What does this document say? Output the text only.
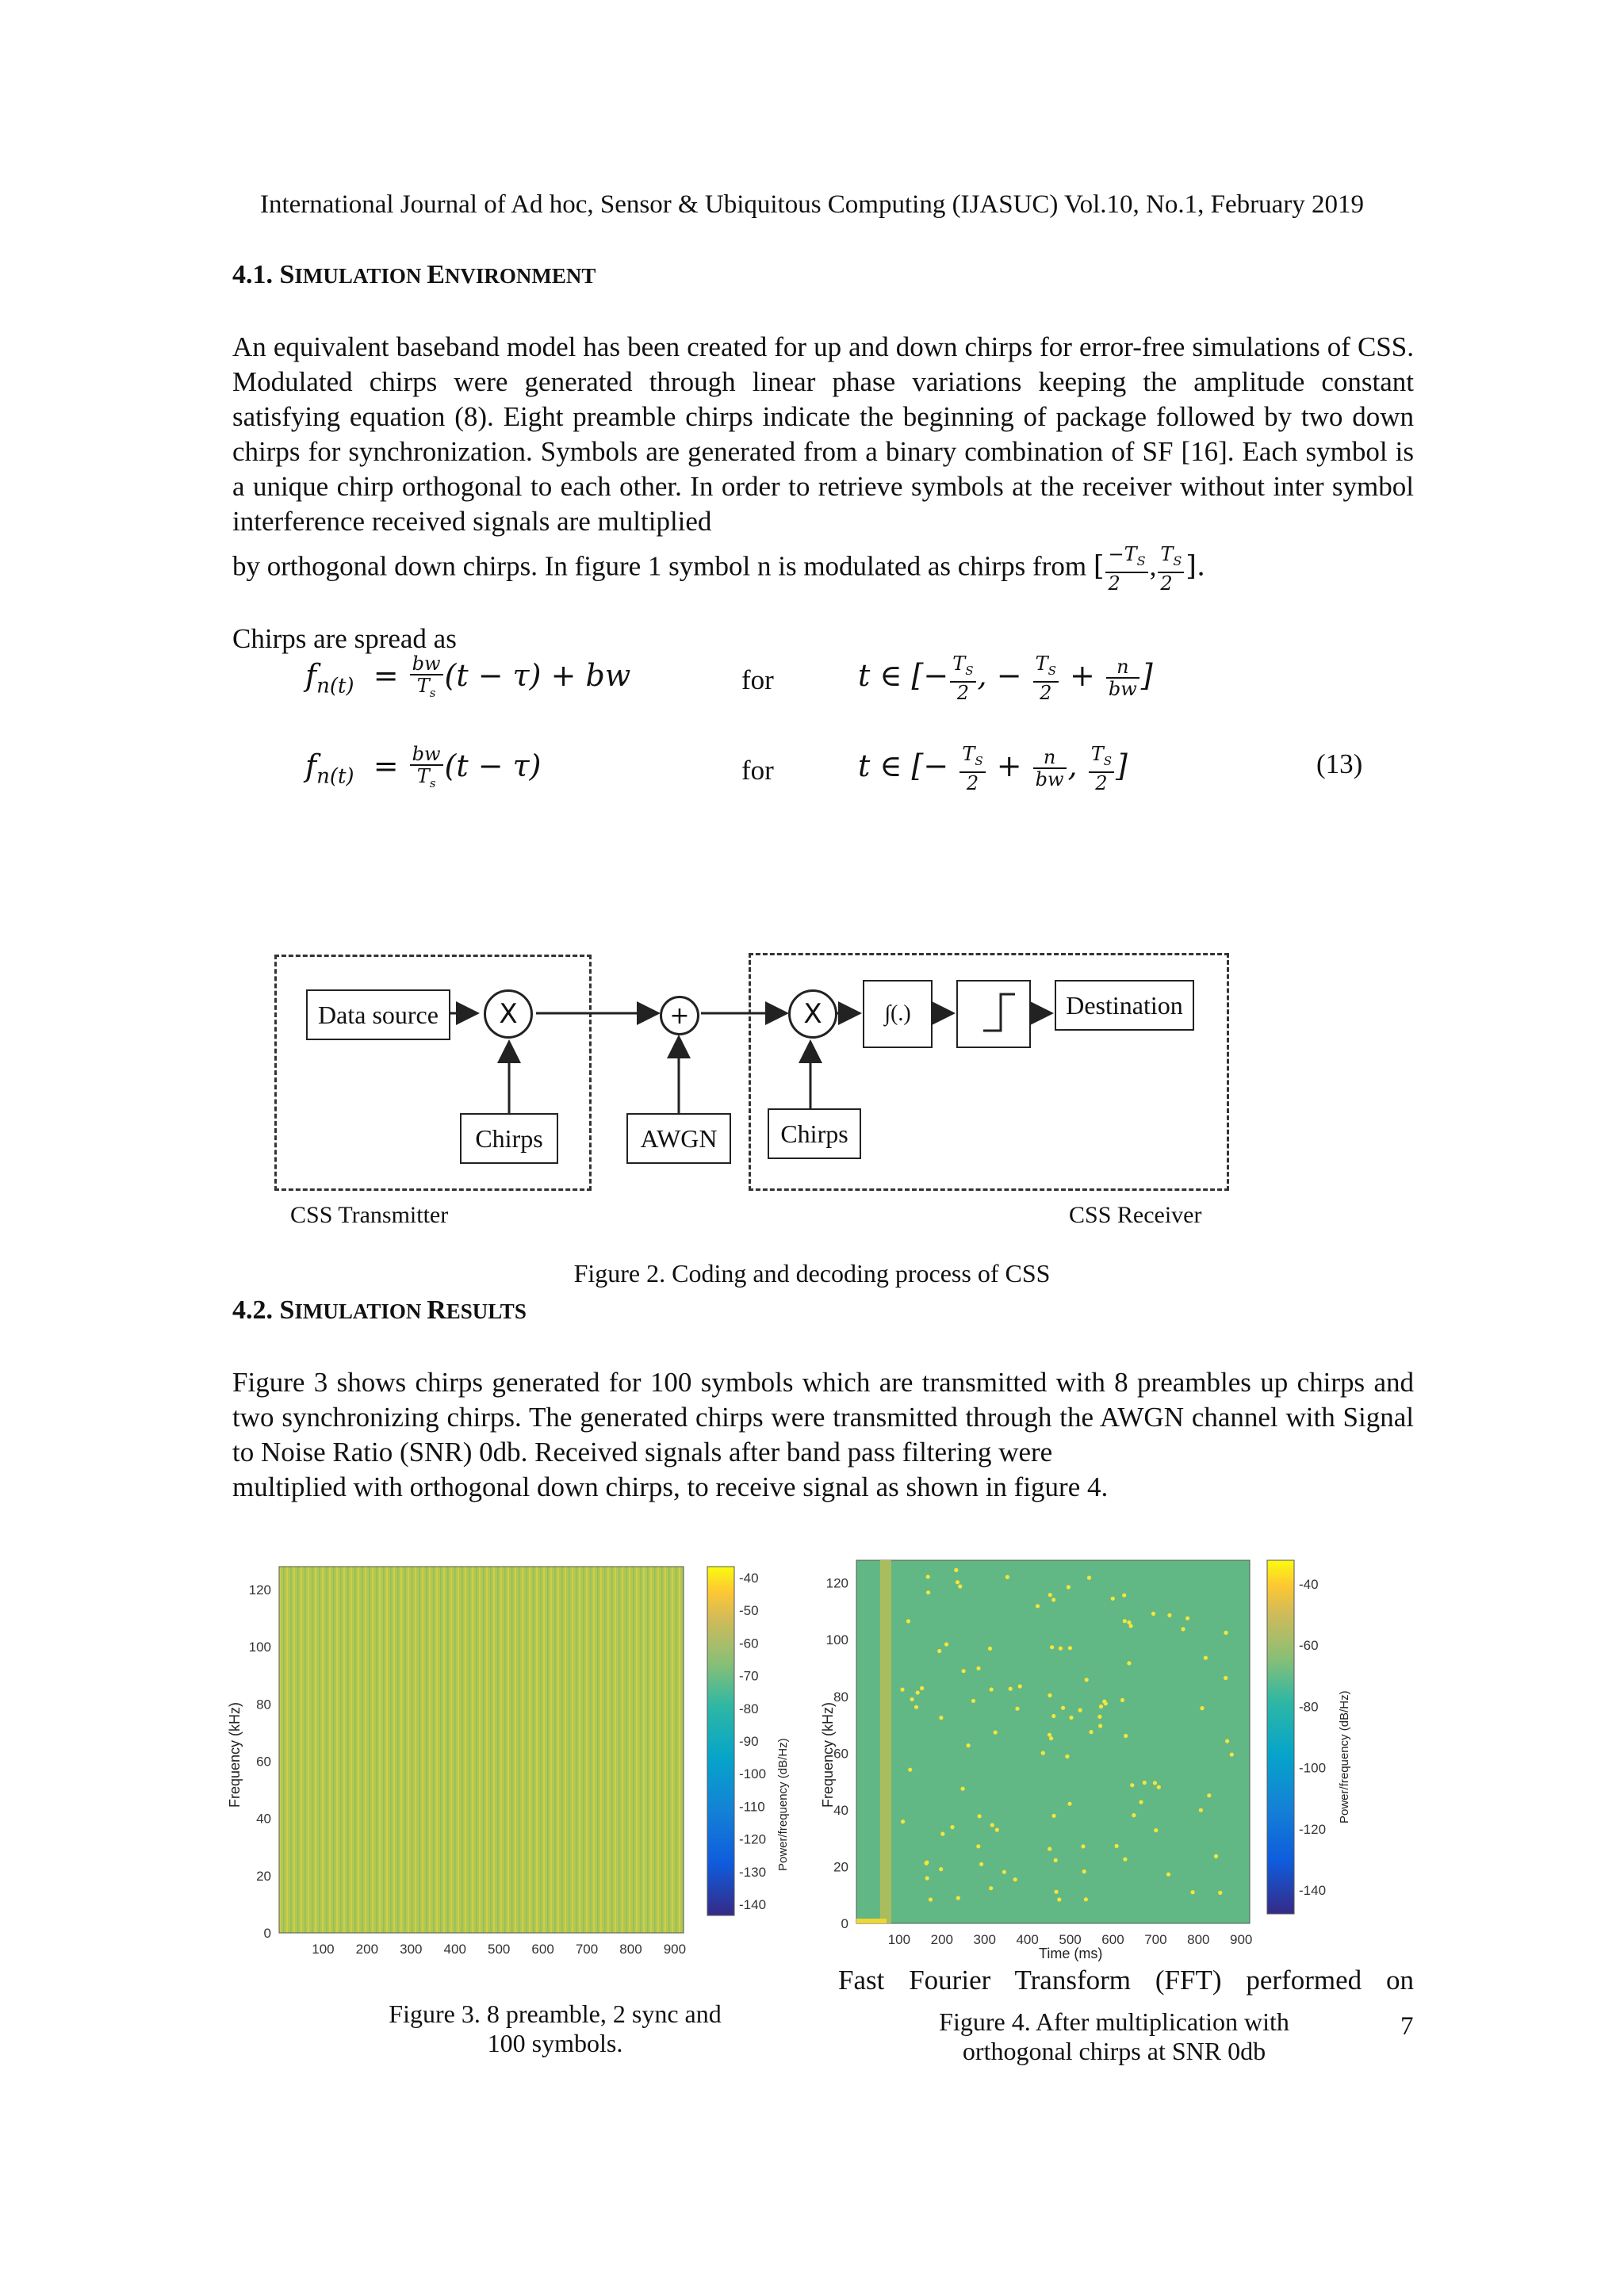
International Journal of Ad hoc, Sensor & Ubiquitous Computing (IJASUC) Vol.10, No.1, February 2019
4.1. SIMULATION ENVIRONMENT

An equivalent baseband model has been created for up and down chirps for error-free simulations of CSS. Modulated chirps were generated through linear phase variations keeping the amplitude constant satisfying equation (8). Eight preamble chirps indicate the beginning of package followed by two down chirps for synchronization. Symbols are generated from a binary combination of SF [16]. Each symbol is a unique chirp orthogonal to each other. In order to retrieve symbols at the receiver without inter symbol interference received signals are multiplied

by orthogonal down chirps. In figure 1 symbol n is modulated as chirps from [ $\frac{-T_S}{2}$ , $\frac{T_S}{2}$ ].

Chirps are spread as
$f_{n(t)} = \frac{bw}{T_s} (t - \tau)$ + bw	for	t ∈ [− $\frac{T_S}{2}$ , − $\frac{T_S}{2} + \frac{n}{bw}$ ]
$f_{n(t)} = \frac{bw}{T_s} (t - \tau)$	for	t ∈ [− $\frac{T_S}{2} + \frac{n}{bw}$ , $\frac{T_S}{2}$ ]	(13)
Data source X	+	X	∫(.)	Destination
Chirps	AWGN Chirps
CSS Transmitter	CSS Receiver
Figure 2. Coding and decoding process of CSS
4.2. SIMULATION RESULTS

Figure 3 shows chirps generated for 100 symbols which are transmitted with 8 preambles up chirps and two synchronizing chirps. The generated chirps were transmitted through the AWGN channel with Signal to Noise Ratio (SNR) 0db. Received signals after band pass filtering were

multiplied with orthogonal down chirps, to receive signal as shown in figure 4.

0
20
40
60
80
100
120
100 200 300 400 500 600 700 800 900
Frequency (kHz)
-40
-50
-60
-70
-80
-90
-100
-110
-120
-130
-140
Power/frequency (dB/Hz)
Figure 3. 8 preamble, 2 sync and
100 symbols.
0
20
40
60
80
100
120
100 200 300 400 500 600 700 800 900
Frequency (kHz)
Time (ms)
-40
-60
-80
-100
-120
-140
Power/frequency (dB/Hz)
Fast Fourier Transform (FFT) performed on
Figure 4. After multiplication with
orthogonal chirps at SNR 0db
7
